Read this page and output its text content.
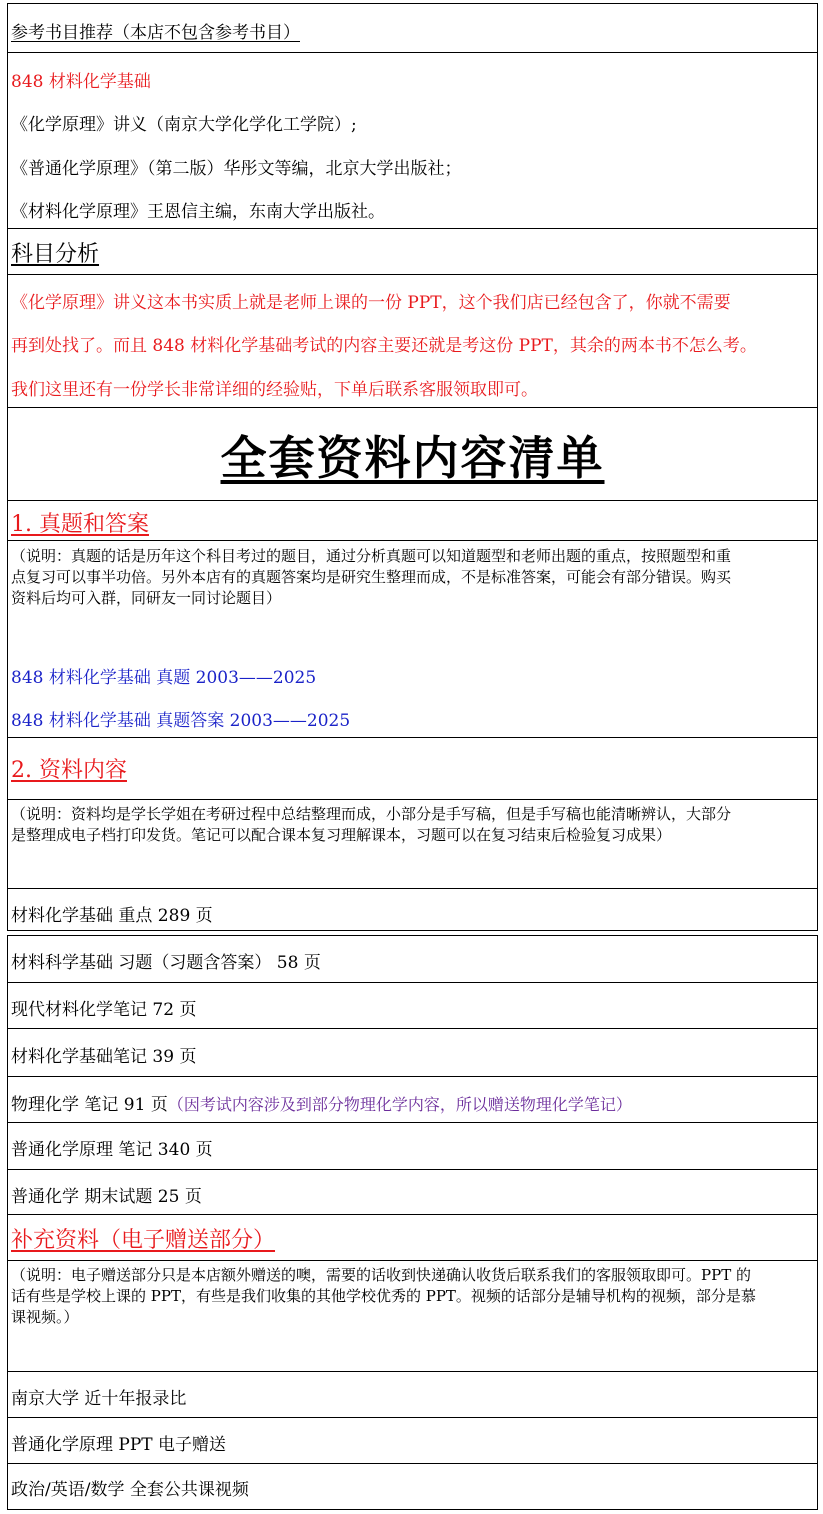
参考书目推荐（本店不包含参考书目）
848 材料化学基础
《化学原理》讲义（南京大学化学化工学院）;
《普通化学原理》（第二版）华彤文等编，北京大学出版社；
《材料化学原理》王恩信主编，东南大学出版社。
科目分析
《化学原理》讲义这本书实质上就是老师上课的一份 PPT，这个我们店已经包含了，你就不需要
再到处找了。而且 848 材料化学基础考试的内容主要还就是考这份 PPT，其余的两本书不怎么考。
我们这里还有一份学长非常详细的经验贴，下单后联系客服领取即可。
全套资料内容清单
1. 真题和答案
（说明：真题的话是历年这个科目考过的题目，通过分析真题可以知道题型和老师出题的重点，按照题型和重
点复习可以事半功倍。另外本店有的真题答案均是研究生整理而成，不是标准答案，可能会有部分错误。购买
资料后均可入群，同研友一同讨论题目）
848 材料化学基础 真题 2003——2025
848 材料化学基础 真题答案 2003——2025
2. 资料内容
（说明：资料均是学长学姐在考研过程中总结整理而成，小部分是手写稿，但是手写稿也能清晰辨认，大部分
是整理成电子档打印发货。笔记可以配合课本复习理解课本，习题可以在复习结束后检验复习成果）
材料化学基础 重点 289 页
材料科学基础 习题（习题含答案） 58 页
现代材料化学笔记 72 页
材料化学基础笔记 39 页
物理化学 笔记 91 页（因考试内容涉及到部分物理化学内容，所以赠送物理化学笔记）
普通化学原理 笔记 340 页
普通化学 期末试题 25 页
补充资料（电子赠送部分）
（说明：电子赠送部分只是本店额外赠送的噢，需要的话收到快递确认收货后联系我们的客服领取即可。PPT 的
话有些是学校上课的 PPT，有些是我们收集的其他学校优秀的 PPT。视频的话部分是辅导机构的视频，部分是慕
课视频。）
南京大学 近十年报录比
普通化学原理 PPT 电子赠送
政治/英语/数学 全套公共课视频
